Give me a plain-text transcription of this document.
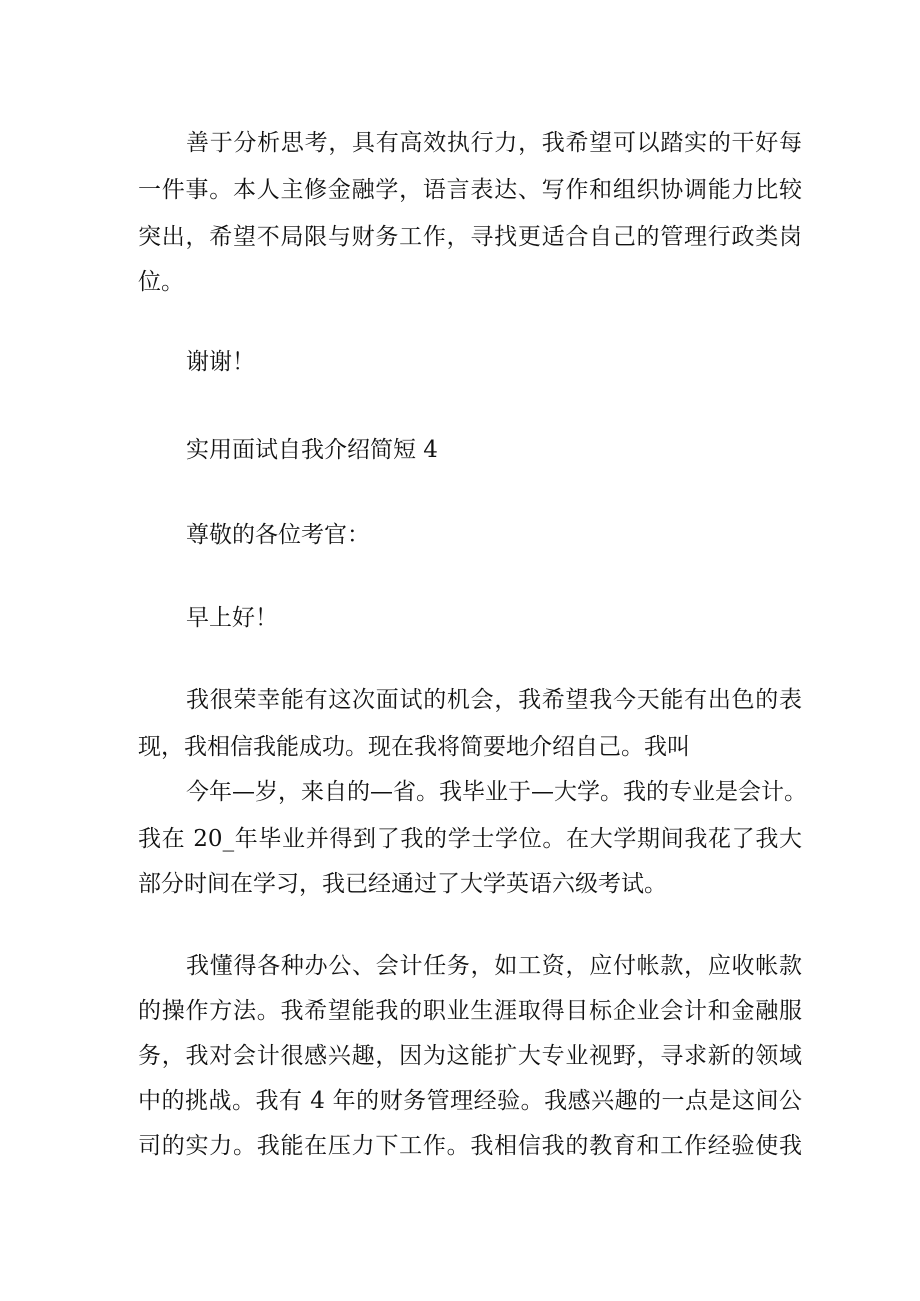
善于分析思考，具有高效执行力，我希望可以踏实的干好每
一件事。本人主修金融学，语言表达、写作和组织协调能力比较
突出，希望不局限与财务工作，寻找更适合自己的管理行政类岗
位。
谢谢！
实用面试自我介绍简短 4
尊敬的各位考官：
早上好！
我很荣幸能有这次面试的机会，我希望我今天能有出色的表
现，我相信我能成功。现在我将简要地介绍自己。我叫
今年—岁，来自的—省。我毕业于—大学。我的专业是会计。
我在 20_年毕业并得到了我的学士学位。在大学期间我花了我大
部分时间在学习，我已经通过了大学英语六级考试。
我懂得各种办公、会计任务，如工资，应付帐款，应收帐款
的操作方法。我希望能我的职业生涯取得目标企业会计和金融服
务，我对会计很感兴趣，因为这能扩大专业视野，寻求新的领域
中的挑战。我有 4 年的财务管理经验。我感兴趣的一点是这间公
司的实力。我能在压力下工作。我相信我的教育和工作经验使我
